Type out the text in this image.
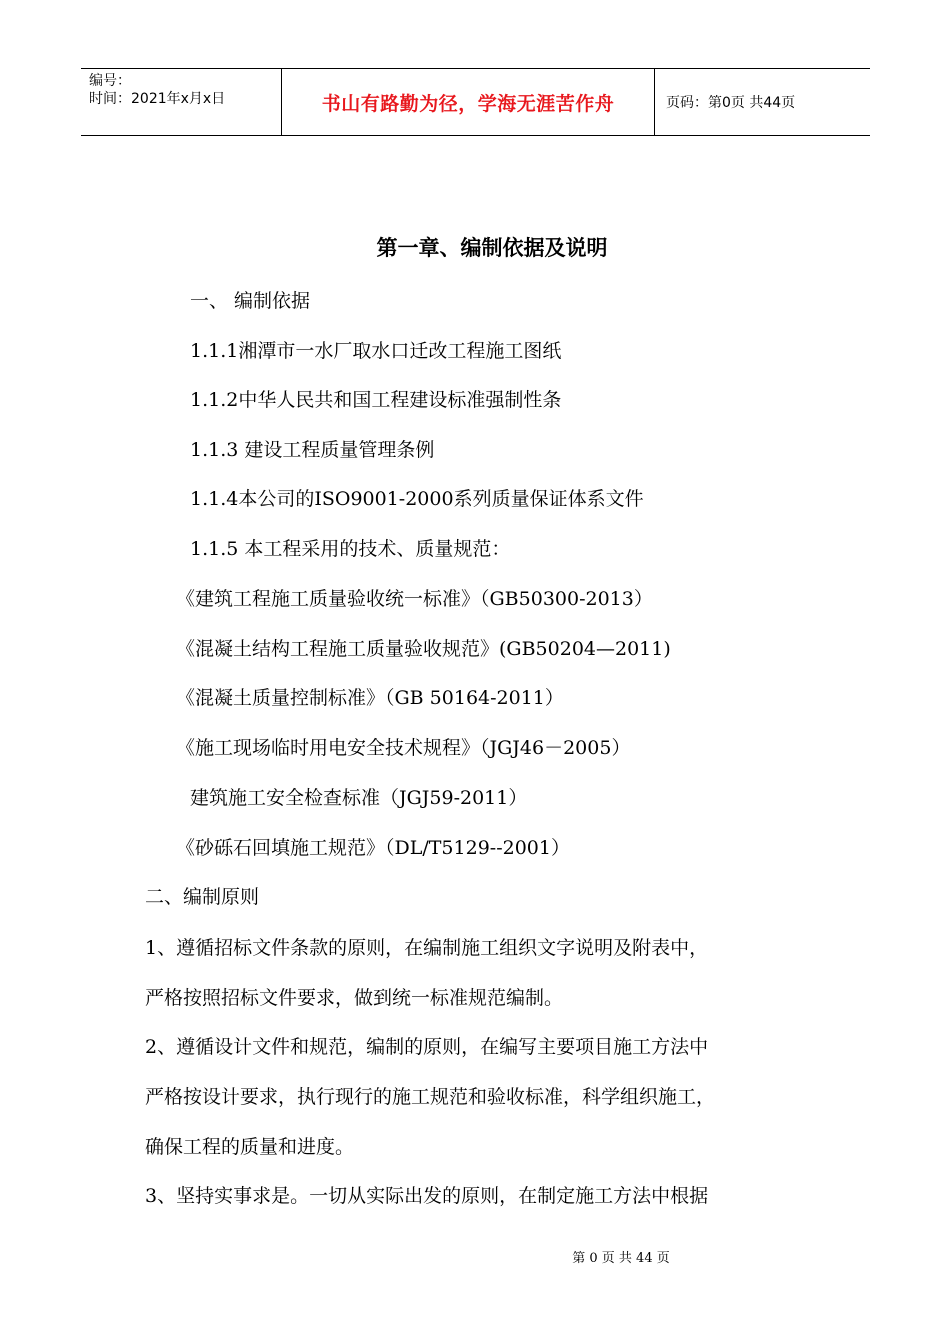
编号：
时间：2021年x月x日	书山有路勤为径，学海无涯苦作舟	页码：第0页 共44页
第一章、编制依据及说明
一、 编制依据
1.1.1湘潭市一水厂取水口迁改工程施工图纸
1.1.2中华人民共和国工程建设标准强制性条
1.1.3 建设工程质量管理条例
1.1.4本公司的ISO9001-2000系列质量保证体系文件
1.1.5 本工程采用的技术、质量规范：
《建筑工程施工质量验收统一标准》（GB50300-2013）
《混凝土结构工程施工质量验收规范》(GB50204—2011)
《混凝土质量控制标准》（GB 50164-2011）
《施工现场临时用电安全技术规程》（JGJ46－2005）
建筑施工安全检查标准（JGJ59-2011）
《砂砾石回填施工规范》（DL/T5129--2001）
二、编制原则
1、遵循招标文件条款的原则，在编制施工组织文字说明及附表中，
严格按照招标文件要求，做到统一标准规范编制。
2、遵循设计文件和规范，编制的原则，在编写主要项目施工方法中
严格按设计要求，执行现行的施工规范和验收标准，科学组织施工，
确保工程的质量和进度。
3、坚持实事求是。一切从实际出发的原则，在制定施工方法中根据
第 0 页 共 44 页
